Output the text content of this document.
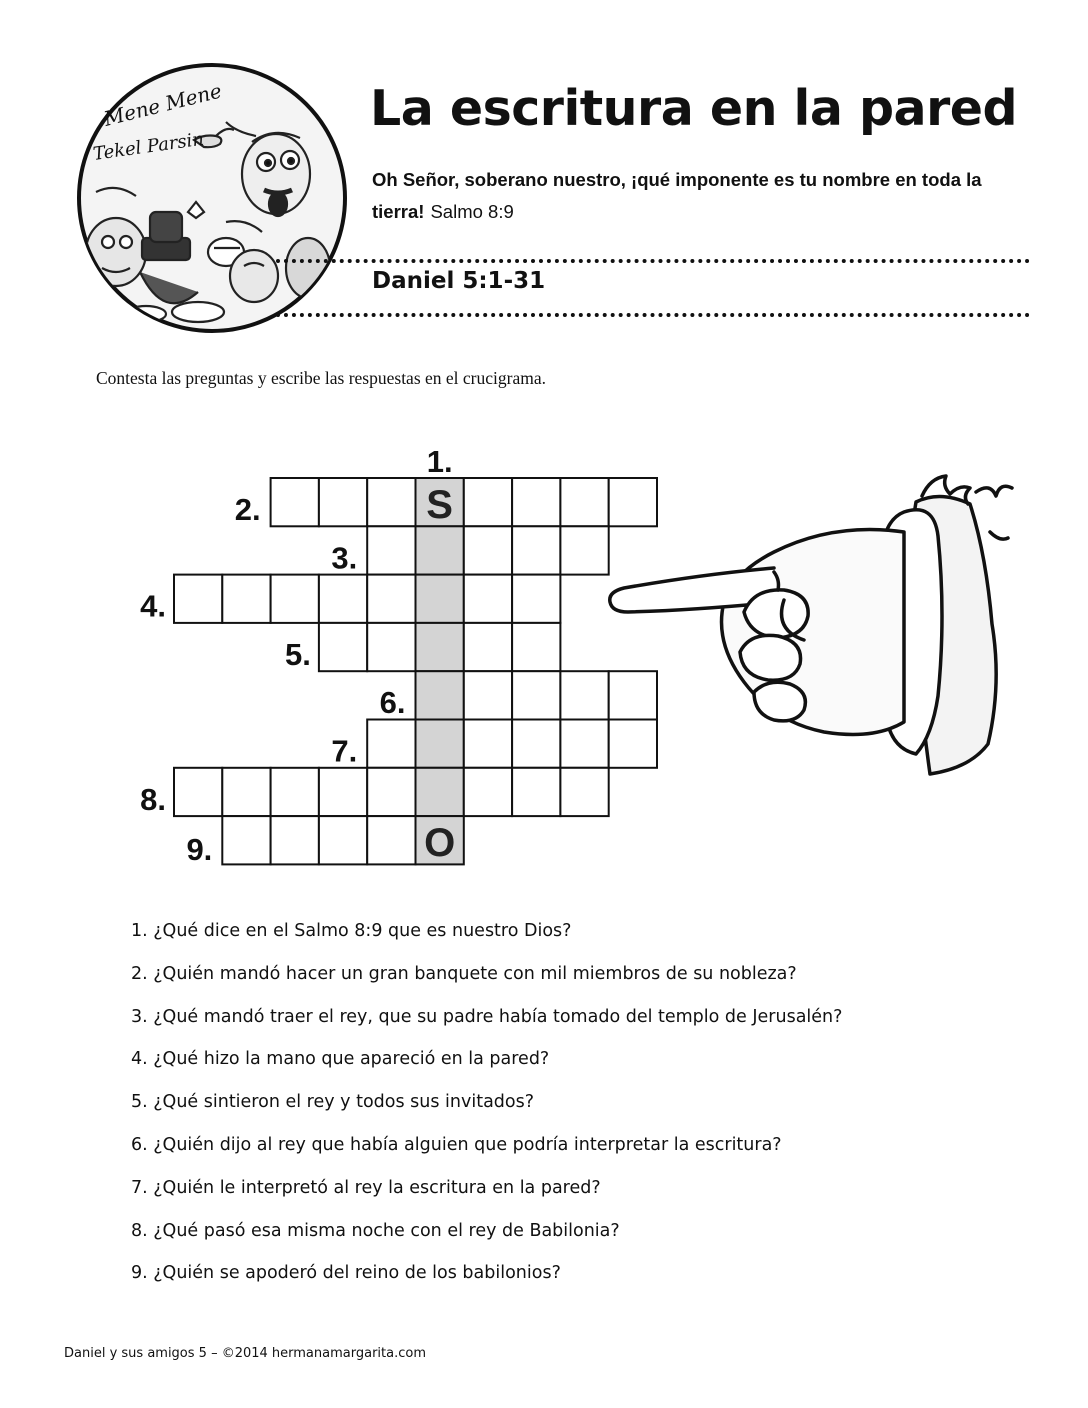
Mene Mene
Tekel Parsin
La escritura en la pared
Oh Señor, soberano nuestro, ¡qué imponente es tu nombre en toda la tierra! Salmo 8:9
Daniel 5:1-31
Contesta las preguntas y escribe las respuestas en el crucigrama.
1.
2.
3.
4.
5.
6.
7.
8.
9.
S
O
1. ¿Qué dice en el Salmo 8:9 que es nuestro Dios?
2. ¿Quién mandó hacer un gran banquete con mil miembros de su nobleza?
3. ¿Qué mandó traer el rey, que su padre había tomado del templo de Jerusalén?
4. ¿Qué hizo la mano que apareció en la pared?
5. ¿Qué sintieron el rey y todos sus invitados?
6. ¿Quién dijo al rey que había alguien que podría interpretar la escritura?
7. ¿Quién le interpretó al rey la escritura en la pared?
8. ¿Qué pasó esa misma noche con el rey de Babilonia?
9. ¿Quién se apoderó del reino de los babilonios?
Daniel y sus amigos 5 – ©2014 hermanamargarita.com
